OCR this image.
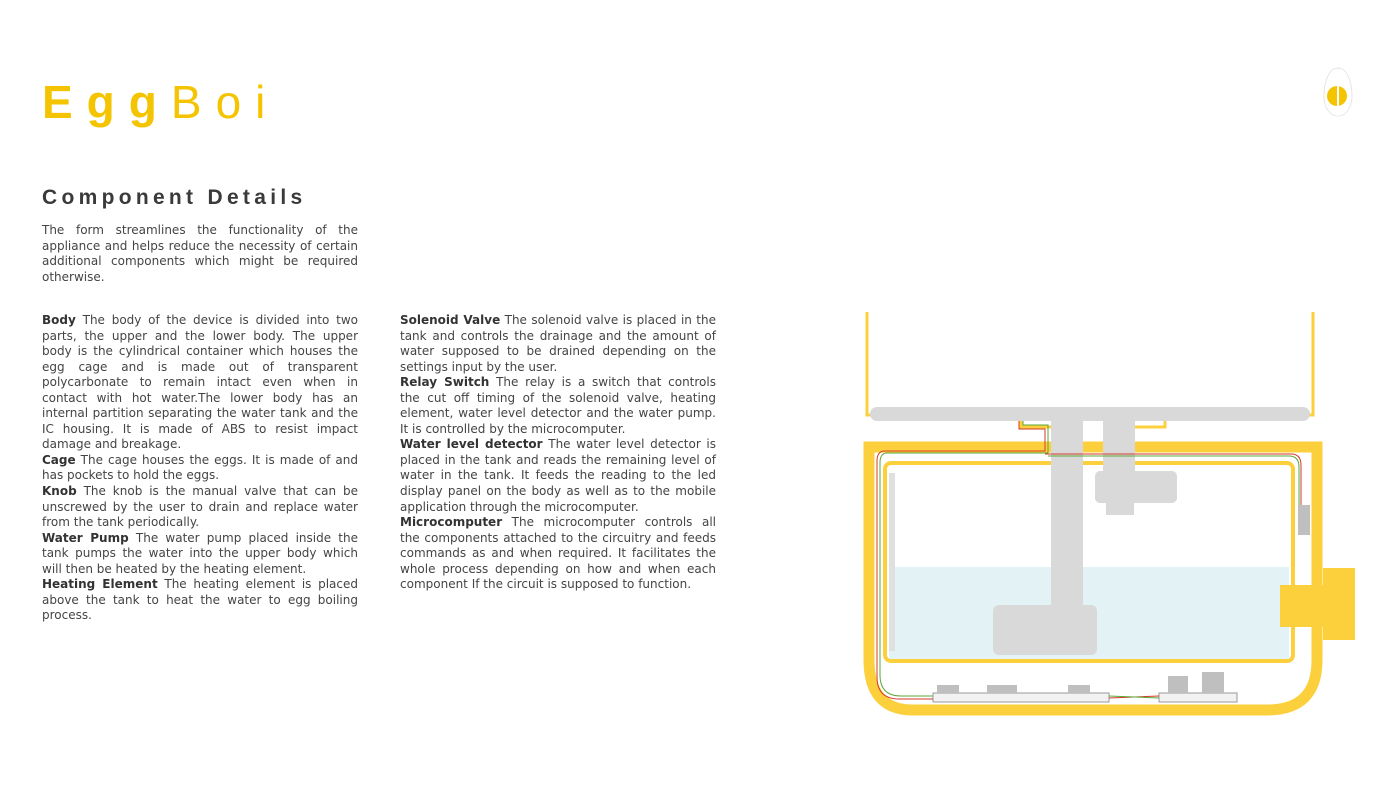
EggBoi
Component Details

The form streamlines the functionality of the appliance and helps reduce the necessity of certain additional components which might be required otherwise.

Body The body of the device is divided into two parts, the upper and the lower body. The upper body is the cylindrical container which houses the egg cage and is made out of transparent polycarbonate to remain intact even when in contact with hot water.The lower body has an internal partition separating the water tank and the IC housing. It is made of ABS to resist impact damage and breakage.

Cage The cage houses the eggs. It is made of and has pockets to hold the eggs.

Knob The knob is the manual valve that can be unscrewed by the user to drain and replace water from the tank periodically.

Water Pump The water pump placed inside the tank pumps the water into the upper body which will then be heated by the heating element.

Heating Element The heating element is placed above the tank to heat the water to egg boiling process.

Solenoid Valve The solenoid valve is placed in the tank and controls the drainage and the amount of water supposed to be drained depending on the settings input by the user.

Relay Switch The relay is a switch that controls the cut off timing of the solenoid valve, heating element, water level detector and the water pump. It is controlled by the microcomputer.

Water level detector The water level detector is placed in the tank and reads the remaining level of water in the tank. It feeds the reading to the led display panel on the body as well as to the mobile application through the microcomputer.

Microcomputer The microcomputer controls all the components attached to the circuitry and feeds commands as and when required. It facilitates the whole process depending on how and when each component If the circuit is supposed to function.
